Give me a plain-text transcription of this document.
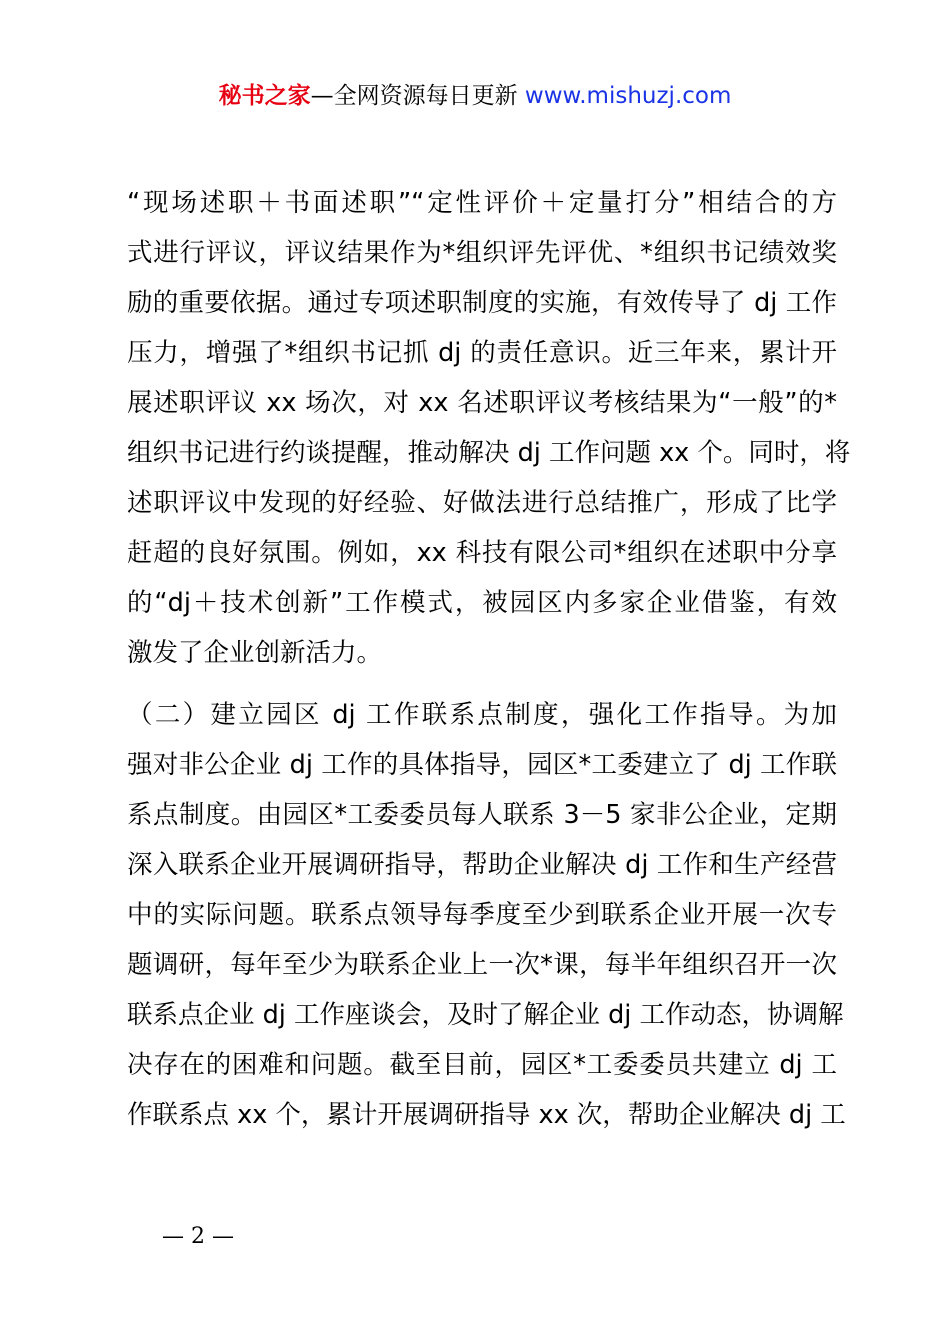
秘书之家—全网资源每日更新 www.mishuzj.com
“现场述职＋书面述职”“定性评价＋定量打分”相结合的方
式进行评议，评议结果作为*组织评先评优、*组织书记绩效奖
励的重要依据。通过专项述职制度的实施，有效传导了 dj 工作
压力，增强了*组织书记抓 dj 的责任意识。近三年来，累计开
展述职评议 xx 场次，对 xx 名述职评议考核结果为“一般”的*
组织书记进行约谈提醒，推动解决 dj 工作问题 xx 个。同时，将
述职评议中发现的好经验、好做法进行总结推广，形成了比学
赶超的良好氛围。例如，xx 科技有限公司*组织在述职中分享
的“dj＋技术创新”工作模式，被园区内多家企业借鉴，有效
激发了企业创新活力。
（二）建立园区 dj 工作联系点制度，强化工作指导。为加
强对非公企业 dj 工作的具体指导，园区*工委建立了 dj 工作联
系点制度。由园区*工委委员每人联系 3－5 家非公企业，定期
深入联系企业开展调研指导，帮助企业解决 dj 工作和生产经营
中的实际问题。联系点领导每季度至少到联系企业开展一次专
题调研，每年至少为联系企业上一次*课，每半年组织召开一次
联系点企业 dj 工作座谈会，及时了解企业 dj 工作动态，协调解
决存在的困难和问题。截至目前，园区*工委委员共建立 dj 工
作联系点 xx 个，累计开展调研指导 xx 次，帮助企业解决 dj 工
— 2 —
